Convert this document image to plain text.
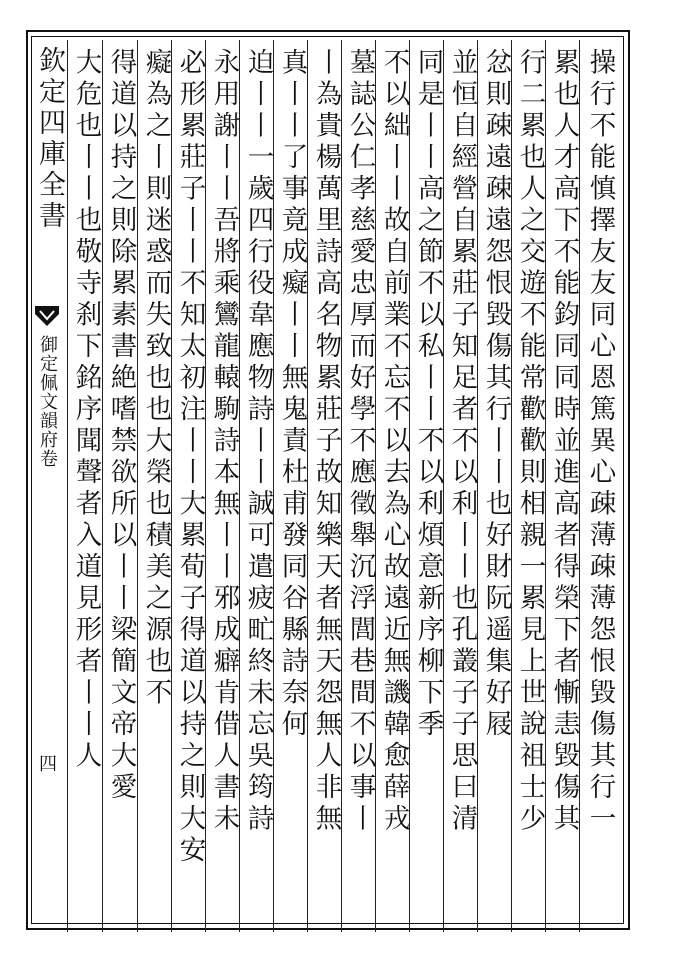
欽定四庫全書
御定佩文韻府卷
四	操行不能慎擇友友同心恩篤異心疎薄疎薄怨恨毀傷其行一
累也人才高下不能鈞同同時並進高者得榮下者慚恚毀傷其
行二累也人之交遊不能常歡歡則相親一累見上世說祖士少
忿則疎遠疎遠怨恨毀傷其行丨丨也好財阮遥集好屐
並恒自經營自累莊子知足者不以利丨丨也孔叢子子思曰清
同是丨丨高之節不以私丨丨不以利煩意新序柳下季
不以絀丨丨故自前業不忘不以去為心故遠近無譏韓愈薛戎
墓誌公仁孝慈愛忠厚而好學不應徵舉沉浮閭巷間不以事丨
丨為貴楊萬里詩高名物累莊子故知樂天者無天怨無人非無
真丨丨了事竟成癡丨丨無鬼責杜甫發同谷縣詩奈何
迫丨丨一歲四行役韋應物詩丨丨誠可遣疲甿終未忘吳筠詩
永用謝丨丨吾將乘鸞龍轅駒詩本無丨丨邪成癖肯借人書未
必形累莊子丨丨不知太初注丨丨大累荀子得道以持之則大安
癡為之丨則迷惑而失致也也大榮也積美之源也不
得道以持之則除累素書絶嗜禁欲所以丨丨梁簡文帝大愛
大危也丨丨也敬寺刹下銘序聞聲者入道見形者丨丨人
